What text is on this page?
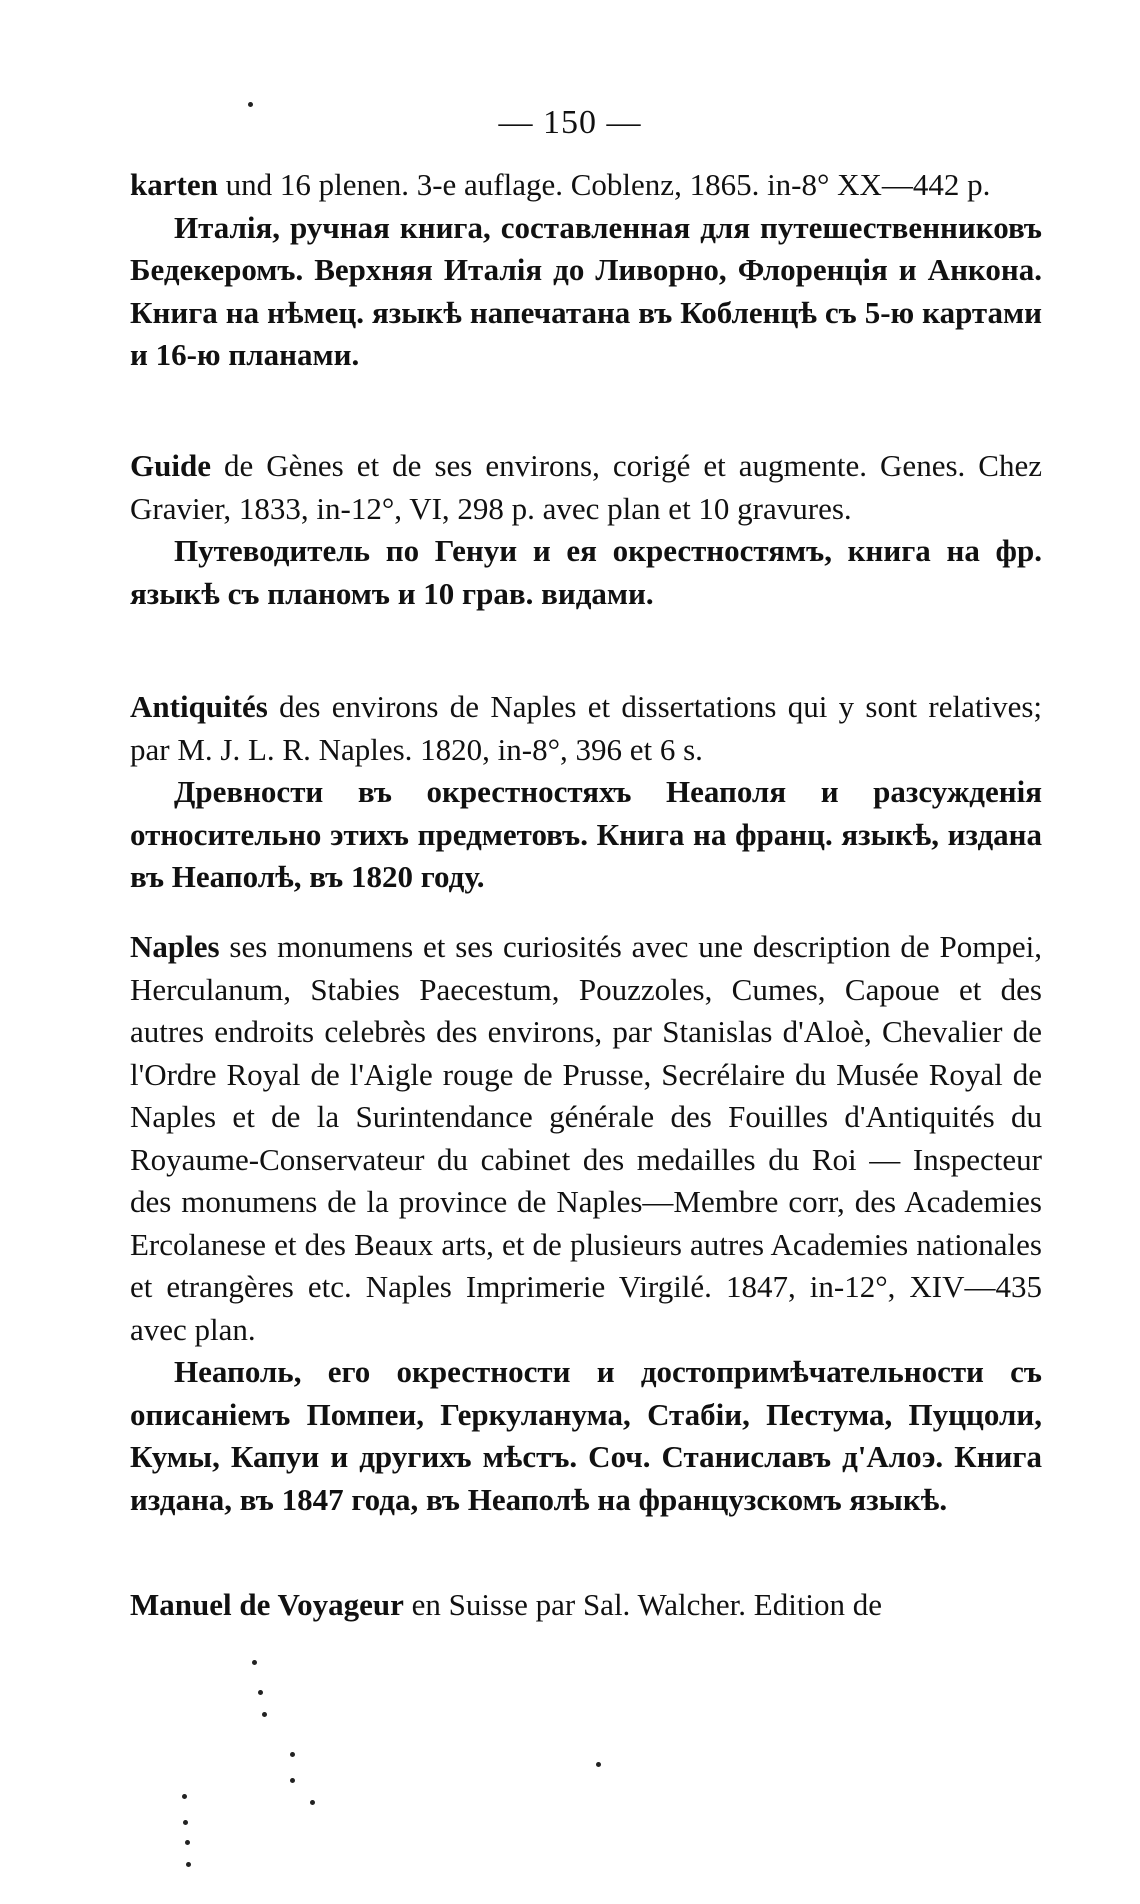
— 150 —

karten und 16 plenen. 3-e auflage. Coblenz, 1865. in-8° XX—442 p.

Италія, ручная книга, составленная для путешественниковъ Бедекеромъ. Верхняя Италія до Ливорно, Флоренція и Анкона. Книга на нѣмец. языкѣ напечатана въ Кобленцѣ съ 5-ю картами и 16-ю планами.

Guide de Gènes et de ses environs, corigé et augmente. Genes. Chez Gravier, 1833, in-12°, VI, 298 p. avec plan et 10 gravures.

Путеводитель по Генуи и ея окрестностямъ, книга на фр. языкѣ съ планомъ и 10 грав. видами.

Antiquités des environs de Naples et dissertations qui y sont relatives; par M. J. L. R. Naples. 1820, in-8°, 396 et 6 s.

Древности въ окрестностяхъ Неаполя и разсужденія относительно этихъ предметовъ. Книга на франц. языкѣ, издана въ Неаполѣ, въ 1820 году.

Naples ses monumens et ses curiosités avec une description de Pompei, Herculanum, Stabies Paecestum, Pouzzoles, Cumes, Capoue et des autres endroits celebrès des environs, par Stanislas d'Aloè, Chevalier de l'Ordre Royal de l'Aigle rouge de Prusse, Secrélaire du Musée Royal de Naples et de la Surintendance générale des Fouilles d'Antiquités du Royaume-Conservateur du cabinet des medailles du Roi — Inspecteur des monumens de la province de Naples—Membre corr, des Academies Ercolanese et des Beaux arts, et de plusieurs autres Academies nationales et etrangères etc. Naples Imprimerie Virgilé. 1847, in-12°, XIV—435 avec plan.

Неаполь, его окрестности и достопримѣчательности съ описаніемъ Помпеи, Геркуланума, Стабіи, Пестума, Пуццоли, Кумы, Капуи и другихъ мѣстъ. Соч. Станиславъ д'Алоэ. Книга издана, въ 1847 года, въ Неаполѣ на французскомъ языкѣ.

Manuel de Voyageur en Suisse par Sal. Walcher. Edition de
